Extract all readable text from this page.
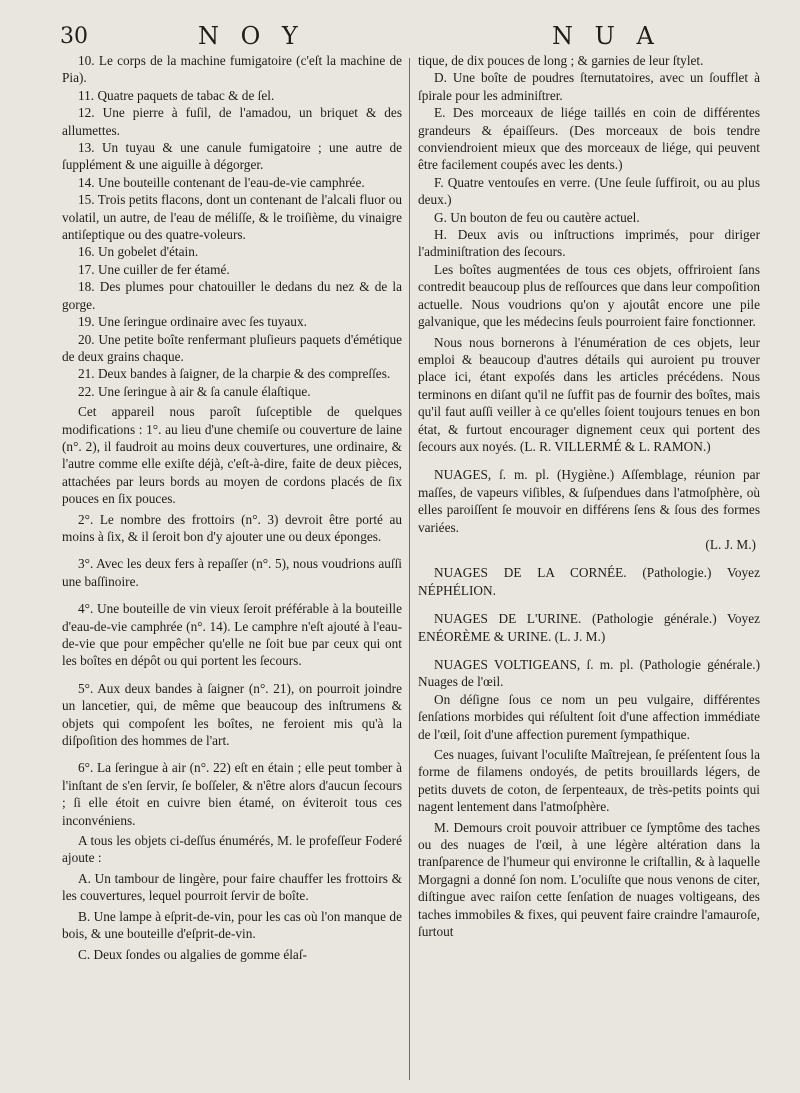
30	N O Y	N U A

10. Le corps de la machine fumigatoire (c'eſt la machine de Pia).

11. Quatre paquets de tabac & de ſel.

12. Une pierre à fuſil, de l'amadou, un briquet & des allumettes.

13. Un tuyau & une canule fumigatoire ; une autre de ſupplément & une aiguille à dégorger.

14. Une bouteille contenant de l'eau-de-vie camphrée.

15. Trois petits flacons, dont un contenant de l'alcali fluor ou volatil, un autre, de l'eau de méliſſe, & le troiſième, du vinaigre antiſeptique ou des quatre-voleurs.

16. Un gobelet d'étain.

17. Une cuiller de fer étamé.

18. Des plumes pour chatouiller le dedans du nez & de la gorge.

19. Une ſeringue ordinaire avec ſes tuyaux.

20. Une petite boîte renfermant pluſieurs paquets d'émétique de deux grains chaque.

21. Deux bandes à ſaigner, de la charpie & des compreſſes.

22. Une ſeringue à air & ſa canule élaſtique.

Cet appareil nous paroît ſuſceptible de quelques modifications : 1°. au lieu d'une chemiſe ou couverture de laine (n°. 2), il faudroit au moins deux couvertures, une ordinaire, & l'autre comme elle exiſte déjà, c'eſt-à-dire, faite de deux pièces, attachées par leurs bords au moyen de cordons placés de ſix pouces en ſix pouces.

2°. Le nombre des frottoirs (n°. 3) devroit être porté au moins à ſix, & il ſeroit bon d'y ajouter une ou deux éponges.

3°. Avec les deux fers à repaſſer (n°. 5), nous voudrions auſſi une baſſinoire.

4°. Une bouteille de vin vieux ſeroit préférable à la bouteille d'eau-de-vie camphrée (n°. 14). Le camphre n'eſt ajouté à l'eau-de-vie que pour empêcher qu'elle ne ſoit bue par ceux qui ont les boîtes en dépôt ou qui portent les ſecours.

5°. Aux deux bandes à ſaigner (n°. 21), on pourroit joindre un lancetier, qui, de même que beaucoup des inſtrumens & objets qui compoſent les boîtes, ne feroient mis qu'à la diſpoſition des hommes de l'art.

6°. La ſeringue à air (n°. 22) eſt en étain ; elle peut tomber à l'inſtant de s'en ſervir, ſe boſſeler, & n'être alors d'aucun ſecours ; ſi elle étoit en cuivre bien étamé, on éviteroit tous ces inconvéniens.

A tous les objets ci-deſſus énumérés, M. le profeſſeur Foderé ajoute :

A. Un tambour de lingère, pour faire chauffer les frottoirs & les couvertures, lequel pourroit ſervir de boîte.

B. Une lampe à eſprit-de-vin, pour les cas où l'on manque de bois, & une bouteille d'eſprit-de-vin.

C. Deux ſondes ou algalies de gomme élaſ-

tique, de dix pouces de long ; & garnies de leur ſtylet.

D. Une boîte de poudres ſternutatoires, avec un ſoufflet à ſpirale pour les adminiſtrer.

E. Des morceaux de liége taillés en coin de différentes grandeurs & épaiſſeurs. (Des morceaux de bois tendre conviendroient mieux que des morceaux de liége, qui peuvent être facilement coupés avec les dents.)

F. Quatre ventouſes en verre. (Une ſeule ſuffiroit, ou au plus deux.)

G. Un bouton de feu ou cautère actuel.

H. Deux avis ou inſtructions imprimés, pour diriger l'adminiſtration des ſecours.

Les boîtes augmentées de tous ces objets, offriroient ſans contredit beaucoup plus de reſſources que dans leur compoſition actuelle. Nous voudrions qu'on y ajoutât encore une pile galvanique, que les médecins ſeuls pourroient faire fonctionner.

Nous nous bornerons à l'énumération de ces objets, leur emploi & beaucoup d'autres détails qui auroient pu trouver place ici, étant expoſés dans les articles précédens. Nous terminons en diſant qu'il ne ſuffit pas de fournir des boîtes, mais qu'il faut auſſi veiller à ce qu'elles ſoient toujours tenues en bon état, & furtout encourager dignement ceux qui portent des ſecours aux noyés. (L. R. VILLERMÉ & L. RAMON.)

NUAGES, ſ. m. pl. (Hygiène.) Aſſemblage, réunion par maſſes, de vapeurs viſibles, & ſuſpendues dans l'atmoſphère, où elles paroiſſent ſe mouvoir en différens ſens & ſous des formes variées.

(L. J. M.)

NUAGES DE LA CORNÉE. (Pathologie.) Voyez NÉPHÉLION.

NUAGES DE L'URINE. (Pathologie générale.) Voyez ENÉORÈME & URINE. (L. J. M.)

NUAGES VOLTIGEANS, ſ. m. pl. (Pathologie générale.) Nuages de l'œil.

On déſigne ſous ce nom un peu vulgaire, différentes ſenſations morbides qui réſultent ſoit d'une affection immédiate de l'œil, ſoit d'une affection purement ſympathique.

Ces nuages, ſuivant l'oculiſte Maîtrejean, ſe préſentent ſous la forme de filamens ondoyés, de petits brouillards légers, de petits duvets de coton, de ſerpenteaux, de très-petits points qui nagent lentement dans l'atmoſphère.

M. Demours croit pouvoir attribuer ce ſymptôme des taches ou des nuages de l'œil, à une légère altération dans la tranſparence de l'humeur qui environne le criſtallin, & à laquelle Morgagni a donné ſon nom. L'oculiſte que nous venons de citer, diſtingue avec raiſon cette ſenſation de nuages voltigeans, des taches immobiles & fixes, qui peuvent faire craindre l'amauroſe, ſurtout
